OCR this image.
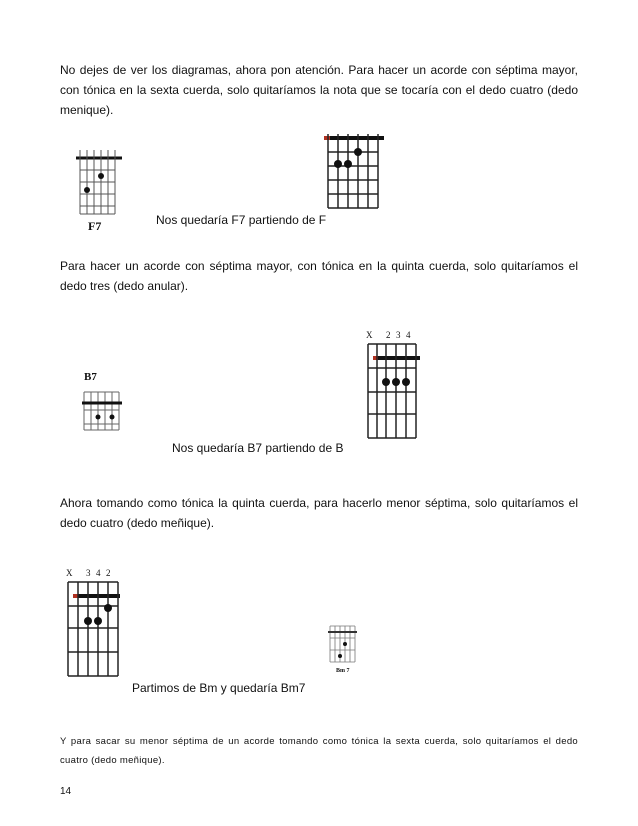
No dejes de ver los diagramas, ahora pon atención. Para hacer un acorde con séptima mayor, con tónica en la sexta cuerda, solo quitaríamos la nota que se tocaría con el dedo cuatro (dedo menique).

F7	Nos quedaría F7 partiendo de F

Para hacer un acorde con séptima mayor, con tónica en la quinta cuerda, solo quitaríamos el dedo tres (dedo anular).

B7
X 2 3 4
Nos quedaría B7 partiendo de B

Ahora tomando como tónica la quinta cuerda, para hacerlo menor séptima, solo quitaríamos el dedo cuatro (dedo meñique).

X 3 4 2
Bm 7
Partimos de Bm y quedaría Bm7

Y para sacar su menor séptima de un acorde tomando como tónica la sexta cuerda, solo quitaríamos el dedo cuatro (dedo meñique).

14
